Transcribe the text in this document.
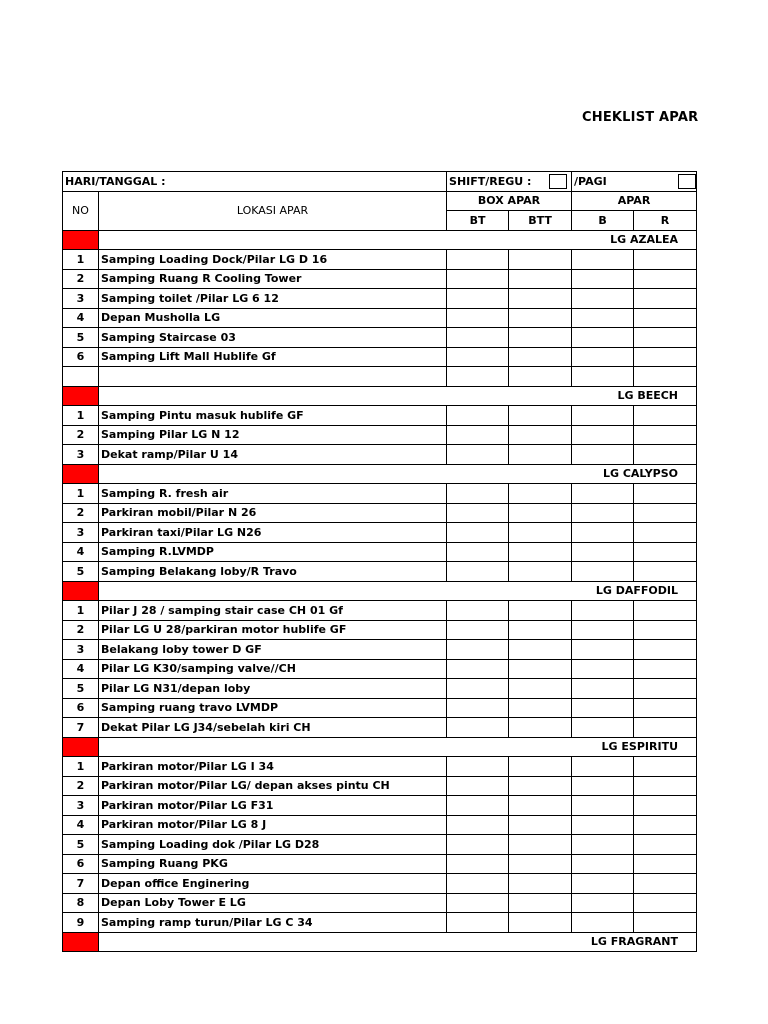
CHEKLIST APAR
HARI/TANGGAL :		SHIFT/REGU :		/PAGI	

NO	LOKASI APAR	BOX APAR		APAR	
		BT	BTT	B	R
	LG AZALEA				
1	Samping Loading Dock/Pilar LG D 16				
2	Samping Ruang R Cooling Tower				
3	Samping toilet /Pilar LG 6 12				
4	Depan Musholla LG				
5	Samping Staircase 03				
6	Samping Lift Mall Hublife Gf				

	LG BEECH				
1	Samping Pintu masuk hublife GF				
2	Samping Pilar LG N 12				
3	Dekat ramp/Pilar U 14				
	LG CALYPSO				
1	Samping R. fresh air				
2	Parkiran mobil/Pilar N 26				
3	Parkiran taxi/Pilar LG N26				
4	Samping R.LVMDP				
5	Samping Belakang loby/R Travo				
	LG DAFFODIL				
1	Pilar J 28 / samping stair case CH 01 Gf				
2	Pilar LG U 28/parkiran motor hublife GF				
3	Belakang loby tower D GF				
4	Pilar LG K30/samping valve//CH				
5	Pilar LG N31/depan loby				
6	Samping ruang travo LVMDP				
7	Dekat Pilar LG J34/sebelah kiri CH				
	LG ESPIRITU				
1	Parkiran motor/Pilar LG I 34				
2	Parkiran motor/Pilar LG/ depan akses pintu CH				
3	Parkiran motor/Pilar LG F31				
4	Parkiran motor/Pilar LG 8 J				
5	Samping Loading dok /Pilar LG D28				
6	Samping Ruang PKG				
7	Depan office Enginering				
8	Depan Loby Tower E LG				
9	Samping ramp turun/Pilar LG C 34				
	LG FRAGRANT				
